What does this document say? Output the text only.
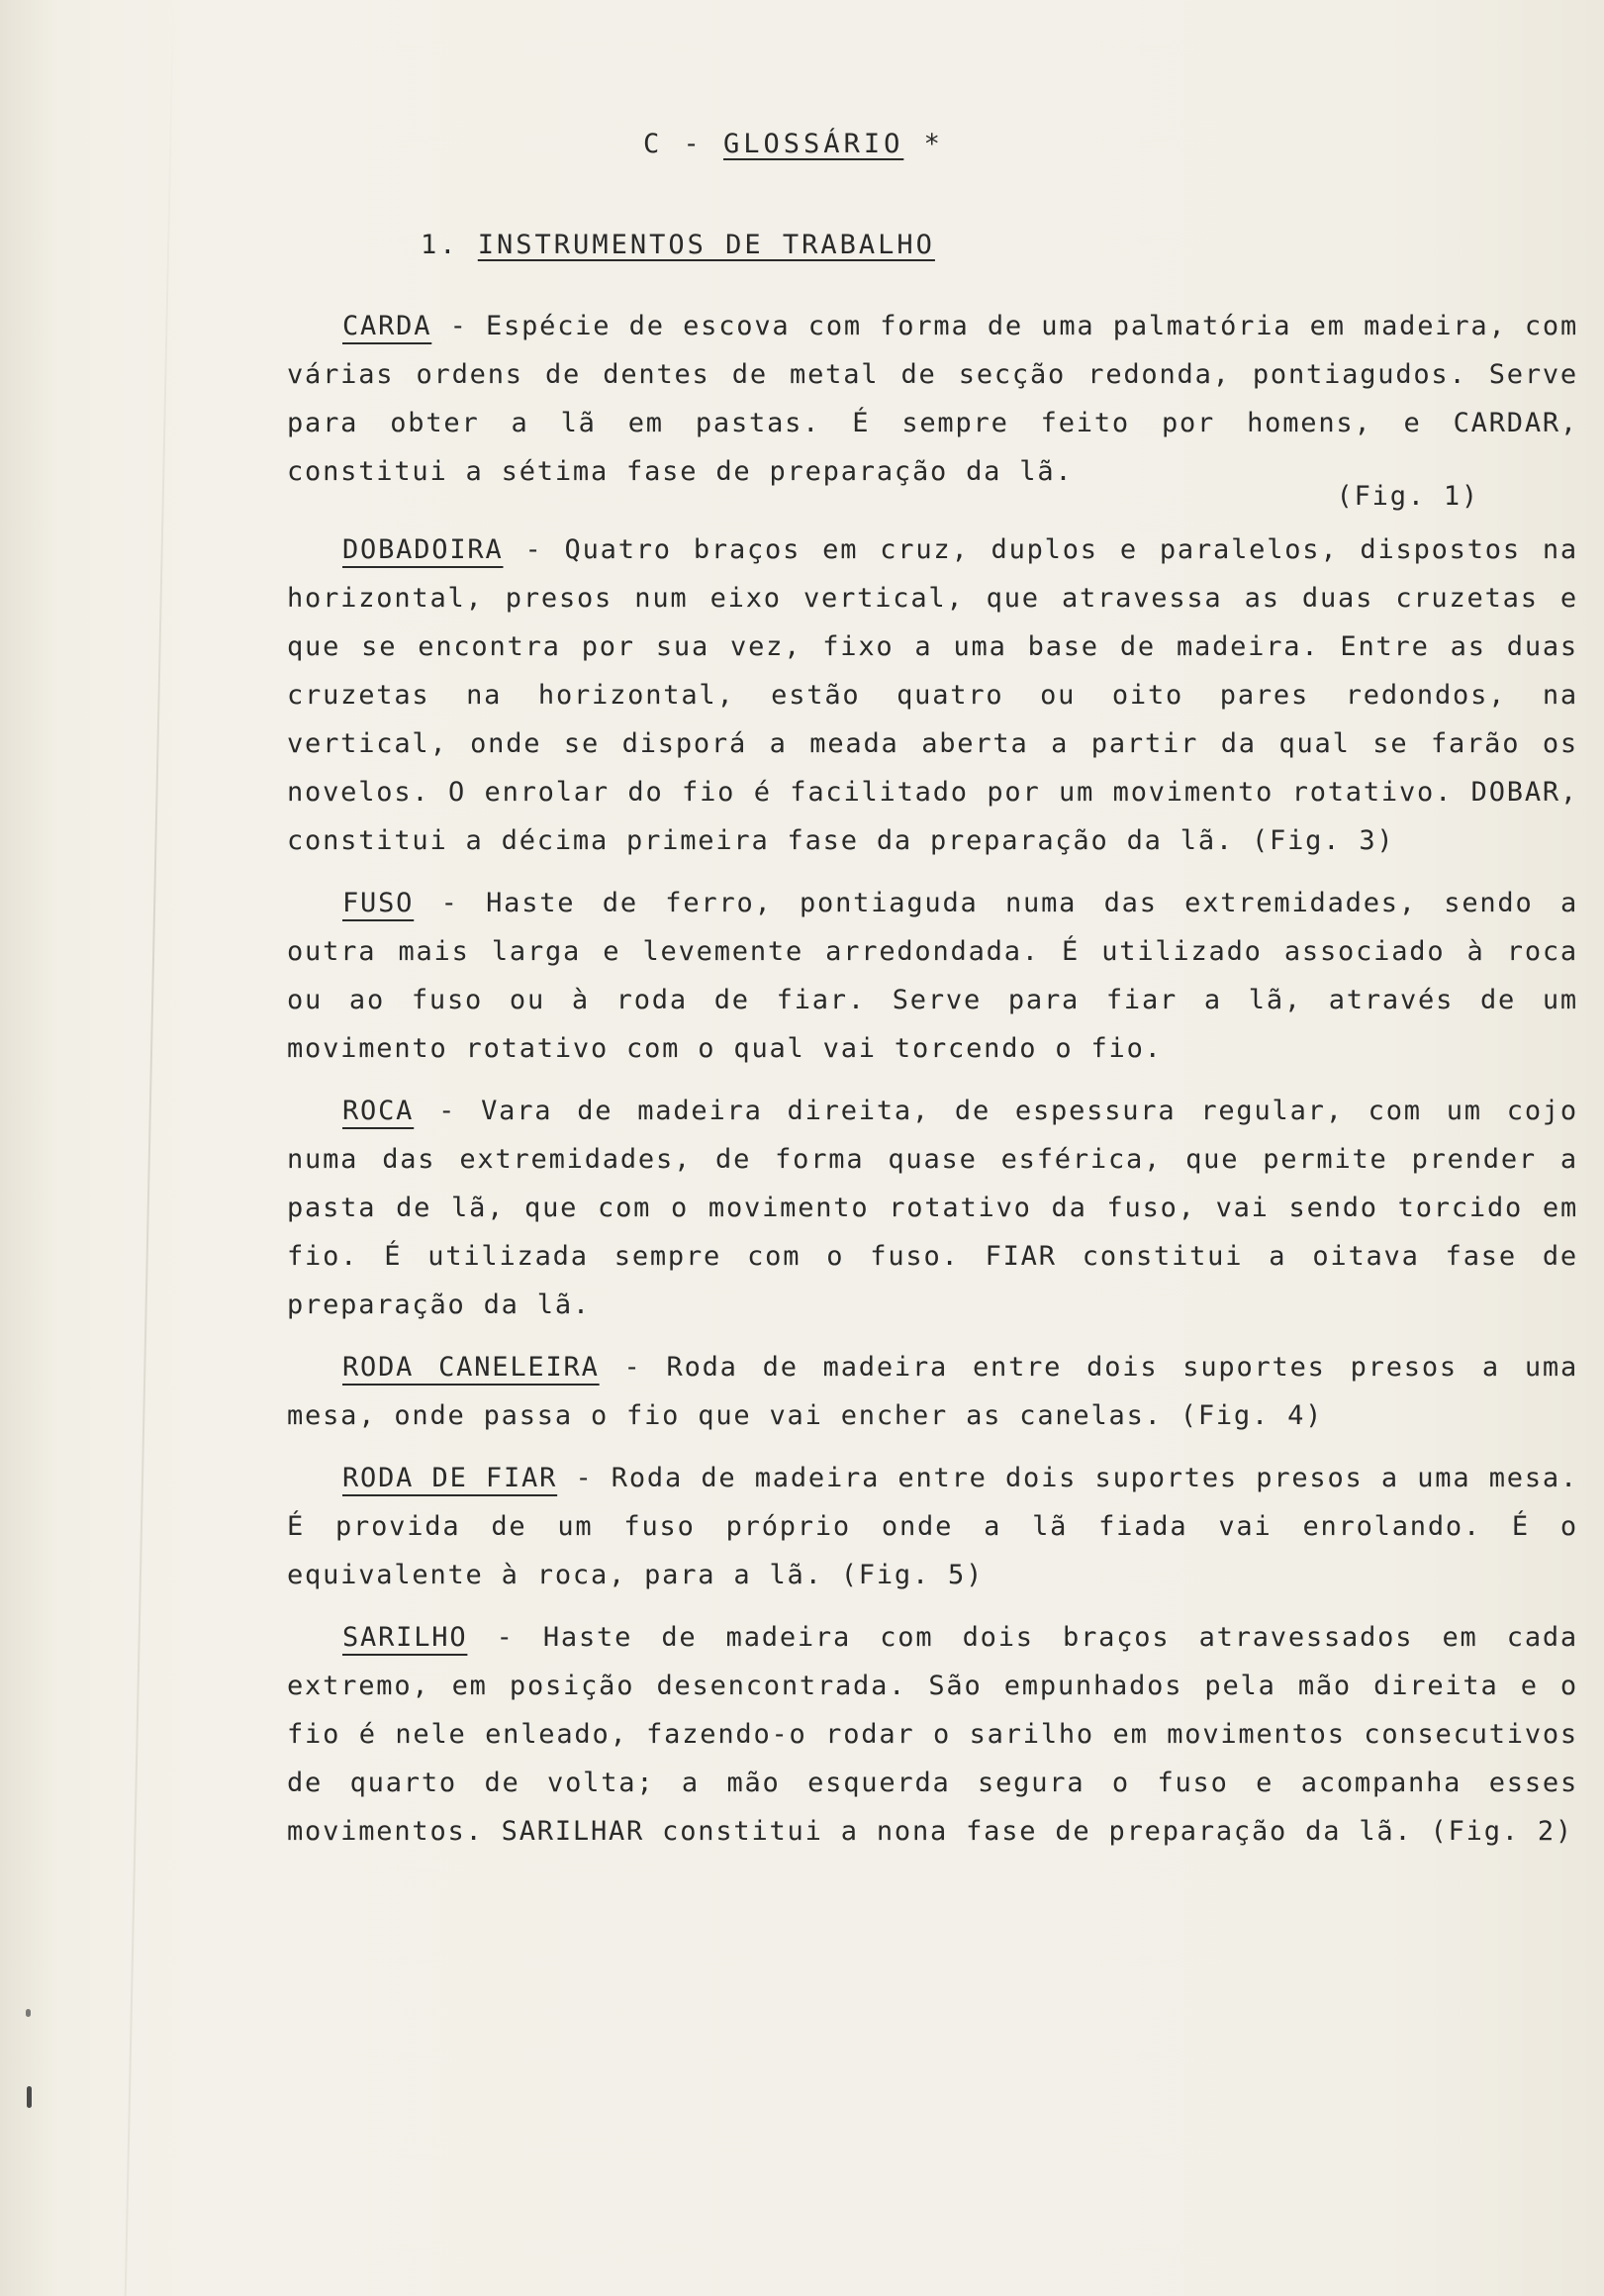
C - GLOSSÁRIO *
1. INSTRUMENTOS DE TRABALHO

CARDA - Espécie de escova com forma de uma palmatória em madeira, com várias ordens de dentes de metal de secção redonda, pontiagudos. Serve para obter a lã em pastas. É sempre feito por homens, e CARDAR, constitui a sétima fase de preparação da lã.
(Fig. 1)

DOBADOIRA - Quatro braços em cruz, duplos e paralelos, dispostos na horizontal, presos num eixo vertical, que atravessa as duas cruzetas e que se encontra por sua vez, fixo a uma base de madeira. Entre as duas cruzetas na horizontal, estão quatro ou oito pares redondos, na vertical, onde se disporá a meada aberta a partir da qual se farão os novelos. O enrolar do fio é facilitado por um movimento rotativo. DOBAR, constitui a décima primeira fase da preparação da lã. (Fig. 3)

FUSO - Haste de ferro, pontiaguda numa das extremidades, sendo a outra mais larga e levemente arredondada. É utilizado associado à roca ou ao fuso ou à roda de fiar. Serve para fiar a lã, através de um movimento rotativo com o qual vai torcendo o fio.

ROCA - Vara de madeira direita, de espessura regular, com um cojo numa das extremidades, de forma quase esférica, que permite prender a pasta de lã, que com o movimento rotativo da fuso, vai sendo torcido em fio. É utilizada sempre com o fuso. FIAR constitui a oitava fase de preparação da lã.

RODA CANELEIRA - Roda de madeira entre dois suportes presos a uma mesa, onde passa o fio que vai encher as canelas. (Fig. 4)

RODA DE FIAR - Roda de madeira entre dois suportes presos a uma mesa. É provida de um fuso próprio onde a lã fiada vai enrolando. É o equivalente à roca, para a lã. (Fig. 5)

SARILHO - Haste de madeira com dois braços atravessados em cada extremo, em posição desencontrada. São empunhados pela mão direita e o fio é nele enleado, fazendo-o rodar o sarilho em movimentos consecutivos de quarto de volta; a mão esquerda segura o fuso e acompanha esses movimentos. SARILHAR constitui a nona fase de preparação da lã. (Fig. 2)
